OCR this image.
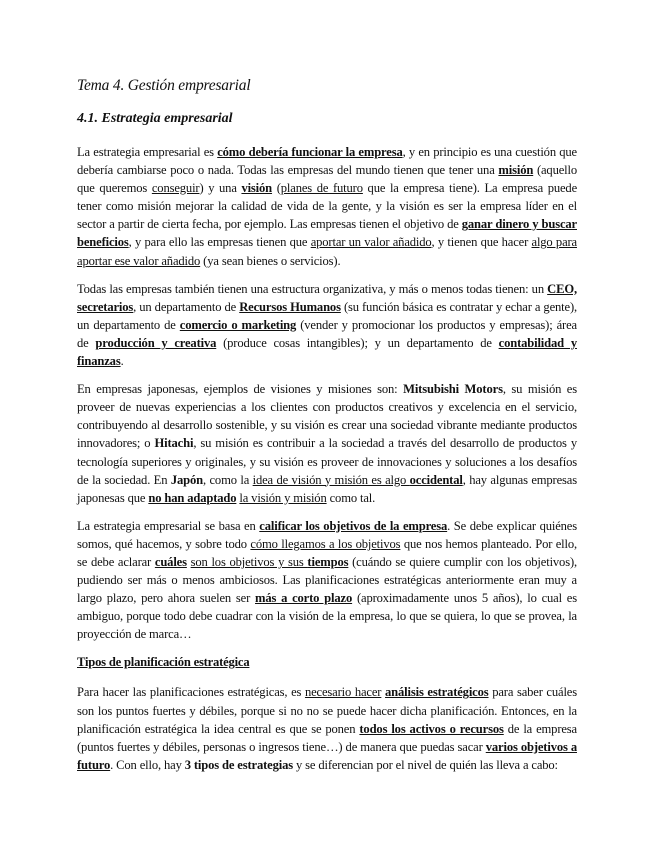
Tema 4. Gestión empresarial
4.1. Estrategia empresarial

La estrategia empresarial es cómo debería funcionar la empresa, y en principio es una cuestión que debería cambiarse poco o nada. Todas las empresas del mundo tienen que tener una misión (aquello que queremos conseguir) y una visión (planes de futuro que la empresa tiene). La empresa puede tener como misión mejorar la calidad de vida de la gente, y la visión es ser la empresa líder en el sector a partir de cierta fecha, por ejemplo. Las empresas tienen el objetivo de ganar dinero y buscar beneficios, y para ello las empresas tienen que aportar un valor añadido, y tienen que hacer algo para aportar ese valor añadido (ya sean bienes o servicios).

Todas las empresas también tienen una estructura organizativa, y más o menos todas tienen: un CEO, secretarios, un departamento de Recursos Humanos (su función básica es contratar y echar a gente), un departamento de comercio o marketing (vender y promocionar los productos y empresas); área de producción y creativa (produce cosas intangibles); y un departamento de contabilidad y finanzas.

En empresas japonesas, ejemplos de visiones y misiones son: Mitsubishi Motors, su misión es proveer de nuevas experiencias a los clientes con productos creativos y excelencia en el servicio, contribuyendo al desarrollo sostenible, y su visión es crear una sociedad vibrante mediante productos innovadores; o Hitachi, su misión es contribuir a la sociedad a través del desarrollo de productos y tecnología superiores y originales, y su visión es proveer de innovaciones y soluciones a los desafíos de la sociedad. En Japón, como la idea de visión y misión es algo occidental, hay algunas empresas japonesas que no han adaptado la visión y misión como tal.

La estrategia empresarial se basa en calificar los objetivos de la empresa. Se debe explicar quiénes somos, qué hacemos, y sobre todo cómo llegamos a los objetivos que nos hemos planteado. Por ello, se debe aclarar cuáles son los objetivos y sus tiempos (cuándo se quiere cumplir con los objetivos), pudiendo ser más o menos ambiciosos. Las planificaciones estratégicas anteriormente eran muy a largo plazo, pero ahora suelen ser más a corto plazo (aproximadamente unos 5 años), lo cual es ambiguo, porque todo debe cuadrar con la visión de la empresa, lo que se quiera, lo que se provea, la proyección de marca…

Tipos de planificación estratégica

Para hacer las planificaciones estratégicas, es necesario hacer análisis estratégicos para saber cuáles son los puntos fuertes y débiles, porque si no no se puede hacer dicha planificación. Entonces, en la planificación estratégica la idea central es que se ponen todos los activos o recursos de la empresa (puntos fuertes y débiles, personas o ingresos tiene…) de manera que puedas sacar varios objetivos a futuro. Con ello, hay 3 tipos de estrategias y se diferencian por el nivel de quién las lleva a cabo:
